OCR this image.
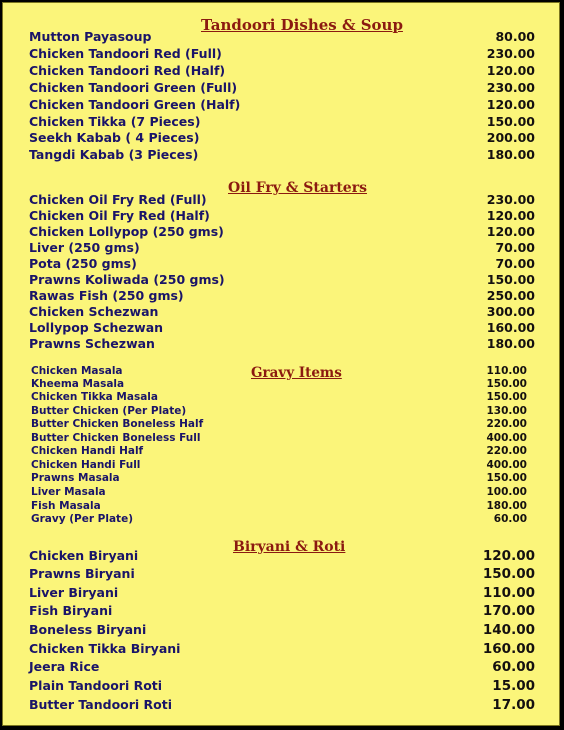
Tandoori Dishes & Soup
Mutton Payasoup	80.00
Chicken Tandoori Red (Full)	230.00
Chicken Tandoori Red (Half)	120.00
Chicken Tandoori Green (Full)	230.00
Chicken Tandoori Green (Half)	120.00
Chicken Tikka (7 Pieces)	150.00
Seekh Kabab ( 4 Pieces)	200.00
Tangdi Kabab (3 Pieces)	180.00
Oil Fry & Starters
Chicken Oil Fry Red (Full)	230.00
Chicken Oil Fry Red (Half)	120.00
Chicken Lollypop (250 gms)	120.00
Liver (250 gms)	70.00
Pota (250 gms)	70.00
Prawns Koliwada (250 gms)	150.00
Rawas Fish (250 gms)	250.00
Chicken Schezwan	300.00
Lollypop Schezwan	160.00
Prawns Schezwan	180.00
Gravy Items
Chicken Masala	110.00
Kheema Masala	150.00
Chicken Tikka Masala	150.00
Butter Chicken (Per Plate)	130.00
Butter Chicken Boneless Half	220.00
Butter Chicken Boneless Full	400.00
Chicken Handi Half	220.00
Chicken Handi Full	400.00
Prawns Masala	150.00
Liver Masala	100.00
Fish Masala	180.00
Gravy (Per Plate)	60.00
Biryani & Roti
Chicken Biryani	120.00
Prawns Biryani	150.00
Liver Biryani	110.00
Fish Biryani	170.00
Boneless Biryani	140.00
Chicken Tikka Biryani	160.00
Jeera Rice	60.00
Plain Tandoori Roti	15.00
Butter Tandoori Roti	17.00
